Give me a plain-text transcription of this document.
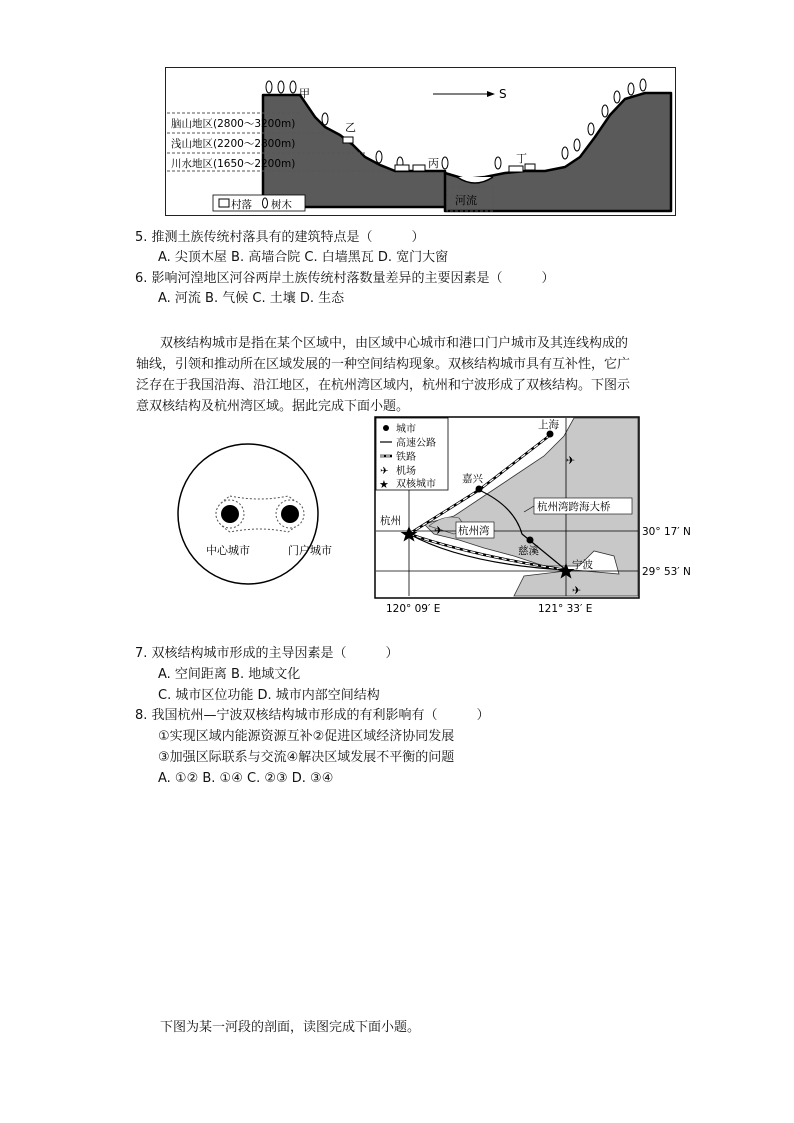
S
甲
乙
丙	丁
脑山地区(2800～3200m)
浅山地区(2200～2800m)
川水地区(1650～2200m)
河流
村落 树木
5. 推测土族传统村落具有的建筑特点是（　　　）
A. 尖顶木屋 B. 高墙合院 C. 白墙黑瓦 D. 宽门大窗
6. 影响河湟地区河谷两岸土族传统村落数量差异的主要因素是（　　　）
A. 河流 B. 气候 C. 土壤 D. 生态
双核结构城市是指在某个区域中，由区域中心城市和港口门户城市及其连线构成的
轴线，引领和推动所在区域发展的一种空间结构现象。双核结构城市具有互补性，它广
泛存在于我国沿海、沿江地区，在杭州湾区域内，杭州和宁波形成了双核结构。下图示
意双核结构及杭州湾区域。据此完成下面小题。
中心城市	门户城市
✈
✈
✈
城市
高速公路
铁路
✈ 机场
★ 双核城市
上海
嘉兴
杭州湾跨海大桥
杭州
杭州湾
慈溪
宁波
30° 17′ N
29° 53′ N
120° 09′ E	121° 33′ E
7. 双核结构城市形成的主导因素是（　　　）
A. 空间距离 B. 地域文化
C. 城市区位功能 D. 城市内部空间结构
8. 我国杭州—宁波双核结构城市形成的有利影响有（　　　）
①实现区域内能源资源互补②促进区域经济协同发展
③加强区际联系与交流④解决区域发展不平衡的问题
A. ①② B. ①④ C. ②③ D. ③④
下图为某一河段的剖面，读图完成下面小题。
